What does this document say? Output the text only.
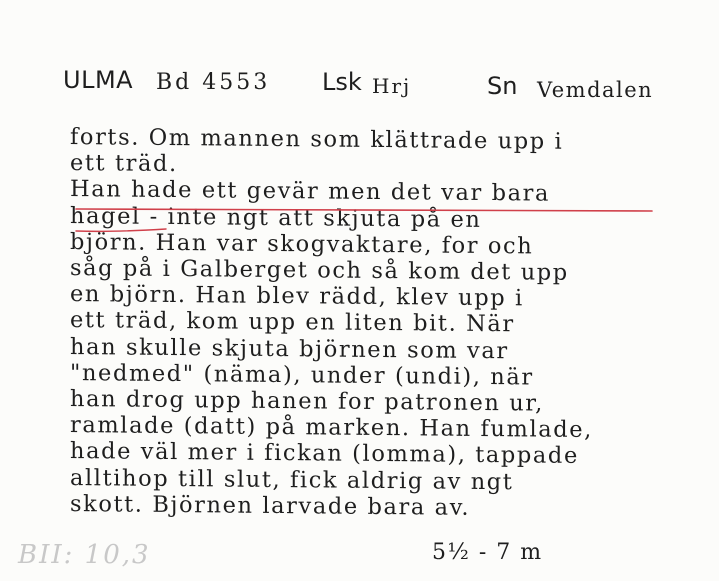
ULMA Bd 4553 Lsk Hrj	Sn Vemdalen
forts. Om mannen som klättrade upp i
ett träd.
Han hade ett gevär men det var bara
hagel - inte ngt att skjuta på en
björn. Han var skogvaktare, for och
såg på i Galberget och så kom det upp
en björn. Han blev rädd, klev upp i
ett träd, kom upp en liten bit. När
han skulle skjuta björnen som var
"nedmed" (näma), under (undi), när
han drog upp hanen for patronen ur,
ramlade (datt) på marken. Han fumlade,
hade väl mer i fickan (lomma), tappade
alltihop till slut, fick aldrig av ngt
skott. Björnen larvade bara av.
5½ - 7 m
BII: 10,3
